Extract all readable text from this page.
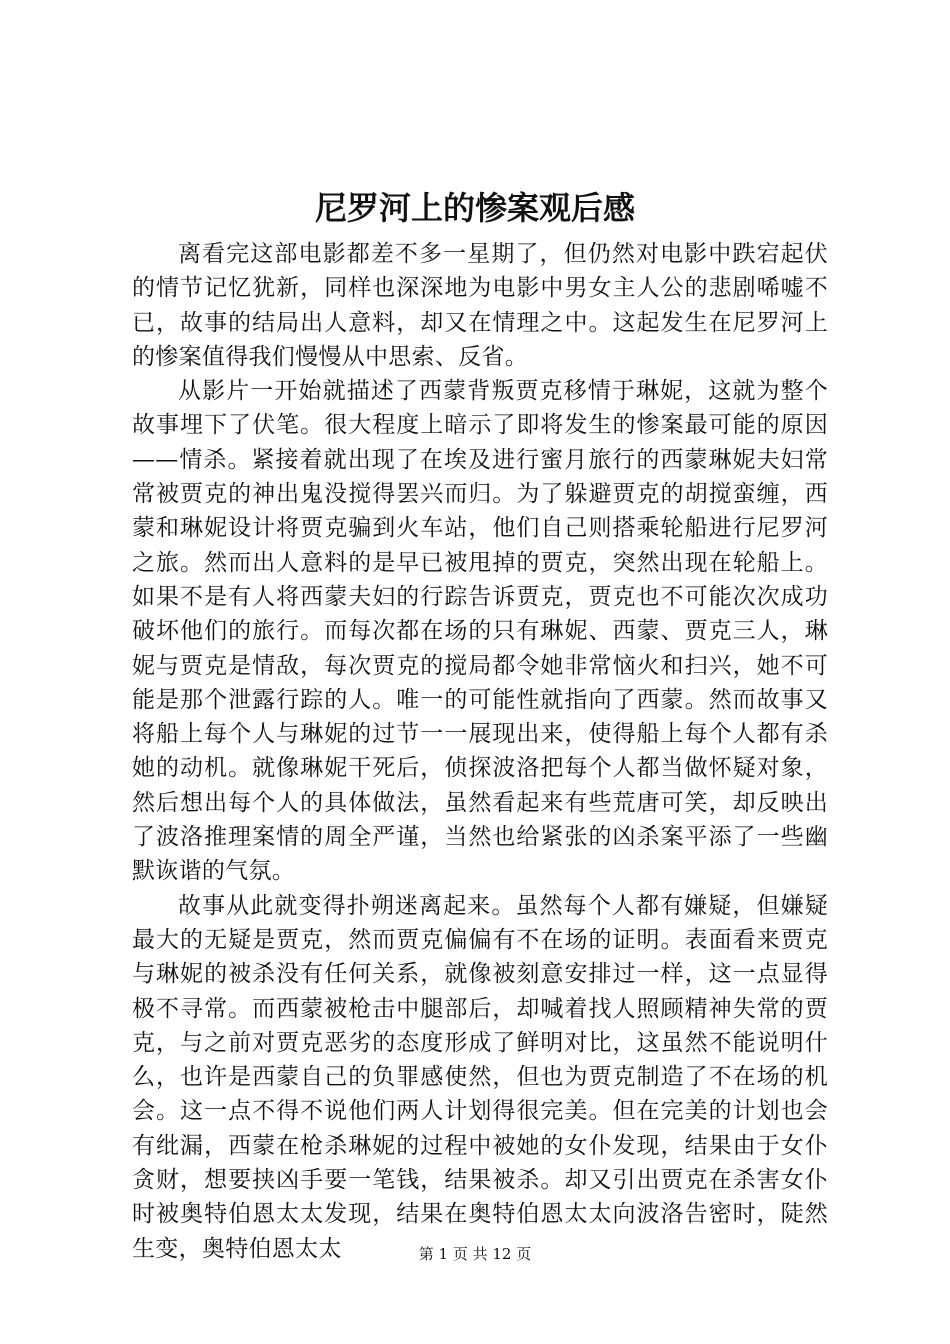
尼罗河上的惨案观后感

离看完这部电影都差不多一星期了，但仍然对电影中跌宕起伏的情节记忆犹新，同样也深深地为电影中男女主人公的悲剧唏嘘不已，故事的结局出人意料，却又在情理之中。这起发生在尼罗河上的惨案值得我们慢慢从中思索、反省。

从影片一开始就描述了西蒙背叛贾克移情于琳妮，这就为整个故事埋下了伏笔。很大程度上暗示了即将发生的惨案最可能的原因——情杀。紧接着就出现了在埃及进行蜜月旅行的西蒙琳妮夫妇常常被贾克的神出鬼没搅得罢兴而归。为了躲避贾克的胡搅蛮缠，西蒙和琳妮设计将贾克骗到火车站，他们自己则搭乘轮船进行尼罗河之旅。然而出人意料的是早已被甩掉的贾克，突然出现在轮船上。如果不是有人将西蒙夫妇的行踪告诉贾克，贾克也不可能次次成功破坏他们的旅行。而每次都在场的只有琳妮、西蒙、贾克三人，琳妮与贾克是情敌，每次贾克的搅局都令她非常恼火和扫兴，她不可能是那个泄露行踪的人。唯一的可能性就指向了西蒙。然而故事又将船上每个人与琳妮的过节一一展现出来，使得船上每个人都有杀她的动机。就像琳妮干死后，侦探波洛把每个人都当做怀疑对象，然后想出每个人的具体做法，虽然看起来有些荒唐可笑，却反映出了波洛推理案情的周全严谨，当然也给紧张的凶杀案平添了一些幽默诙谐的气氛。

故事从此就变得扑朔迷离起来。虽然每个人都有嫌疑，但嫌疑最大的无疑是贾克，然而贾克偏偏有不在场的证明。表面看来贾克与琳妮的被杀没有任何关系，就像被刻意安排过一样，这一点显得极不寻常。而西蒙被枪击中腿部后，却喊着找人照顾精神失常的贾克，与之前对贾克恶劣的态度形成了鲜明对比，这虽然不能说明什么，也许是西蒙自己的负罪感使然，但也为贾克制造了不在场的机会。这一点不得不说他们两人计划得很完美。但在完美的计划也会有纰漏，西蒙在枪杀琳妮的过程中被她的女仆发现，结果由于女仆贪财，想要挟凶手要一笔钱，结果被杀。却又引出贾克在杀害女仆时被奥特伯恩太太发现，结果在奥特伯恩太太向波洛告密时，陡然生变，奥特伯恩太太	第 1 页 共 12 页
